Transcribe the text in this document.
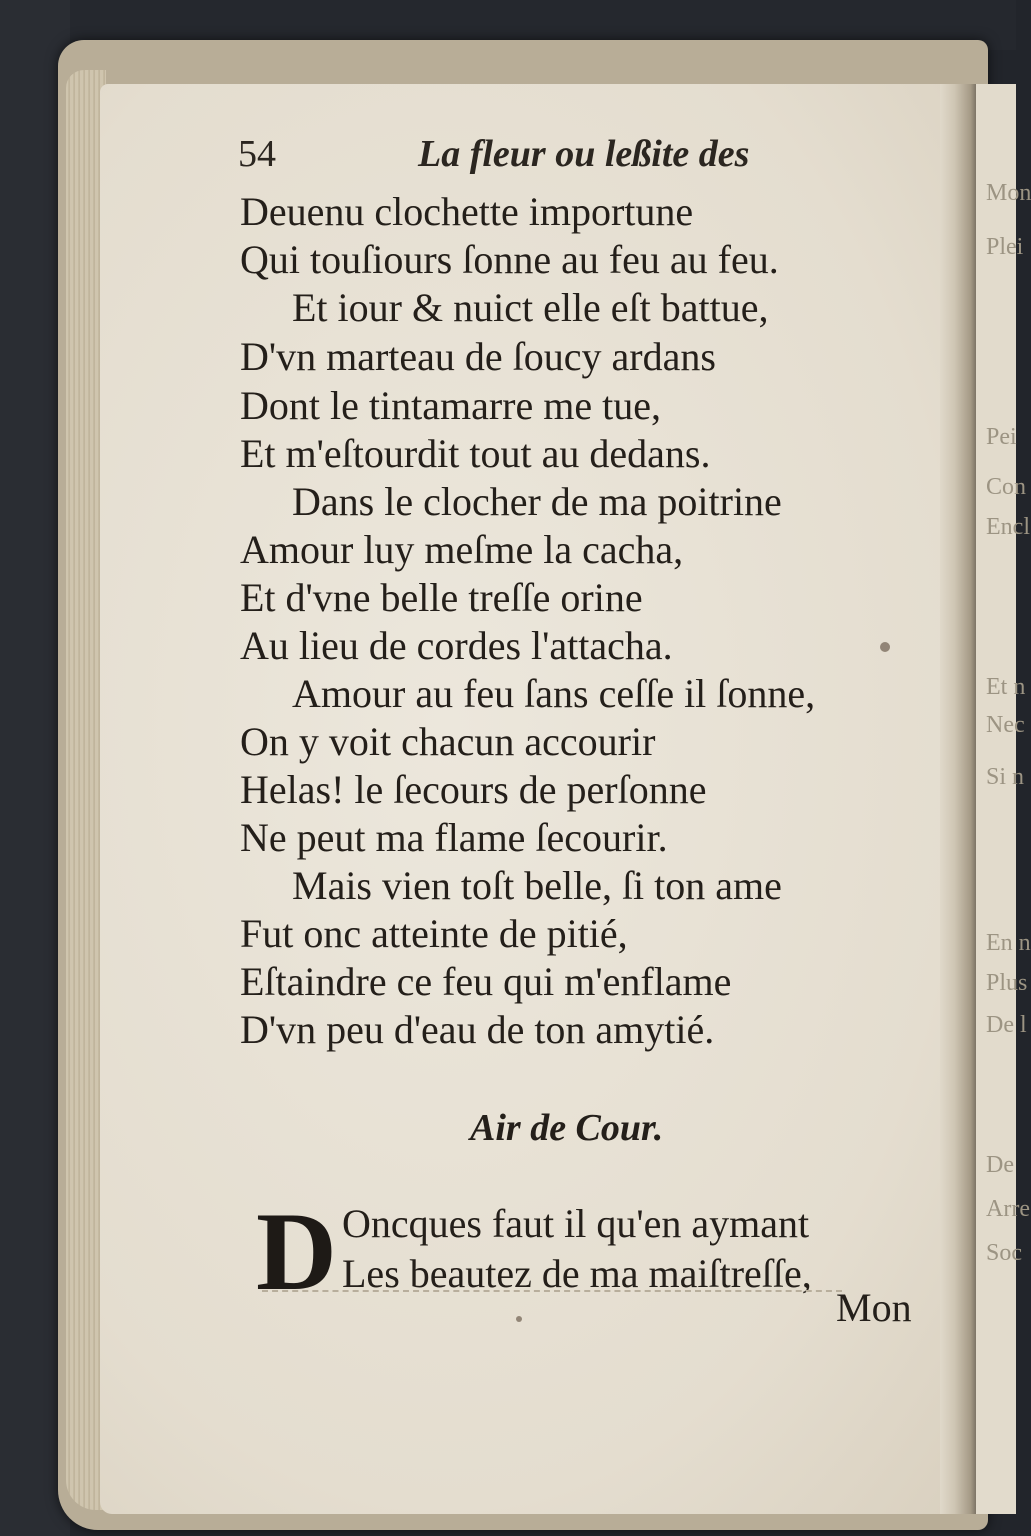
Mon
Plei
Pei
Con
Encl
Et n
Nec
Si n
En n
Plus
De l
De
Arre
Soc
54	La fleur ou leßite des
Deuenu clochette importune
Qui touſiours ſonne au feu au feu.
Et iour & nuict elle eſt battue,
D'vn marteau de ſoucy ardans
Dont le tintamarre me tue,
Et m'eſtourdit tout au dedans.
Dans le clocher de ma poitrine
Amour luy meſme la cacha,
Et d'vne belle treſſe orine
Au lieu de cordes l'attacha.
Amour au feu ſans ceſſe il ſonne,
On y voit chacun accourir
Helas! le ſecours de perſonne
Ne peut ma flame ſecourir.
Mais vien toſt belle, ſi ton ame
Fut onc atteinte de pitié,
Eſtaindre ce feu qui m'enflame
D'vn peu d'eau de ton amytié.
Air de Cour.
D Oncques faut il qu'en aymant
Les beautez de ma maiſtreſſe,
Mon
